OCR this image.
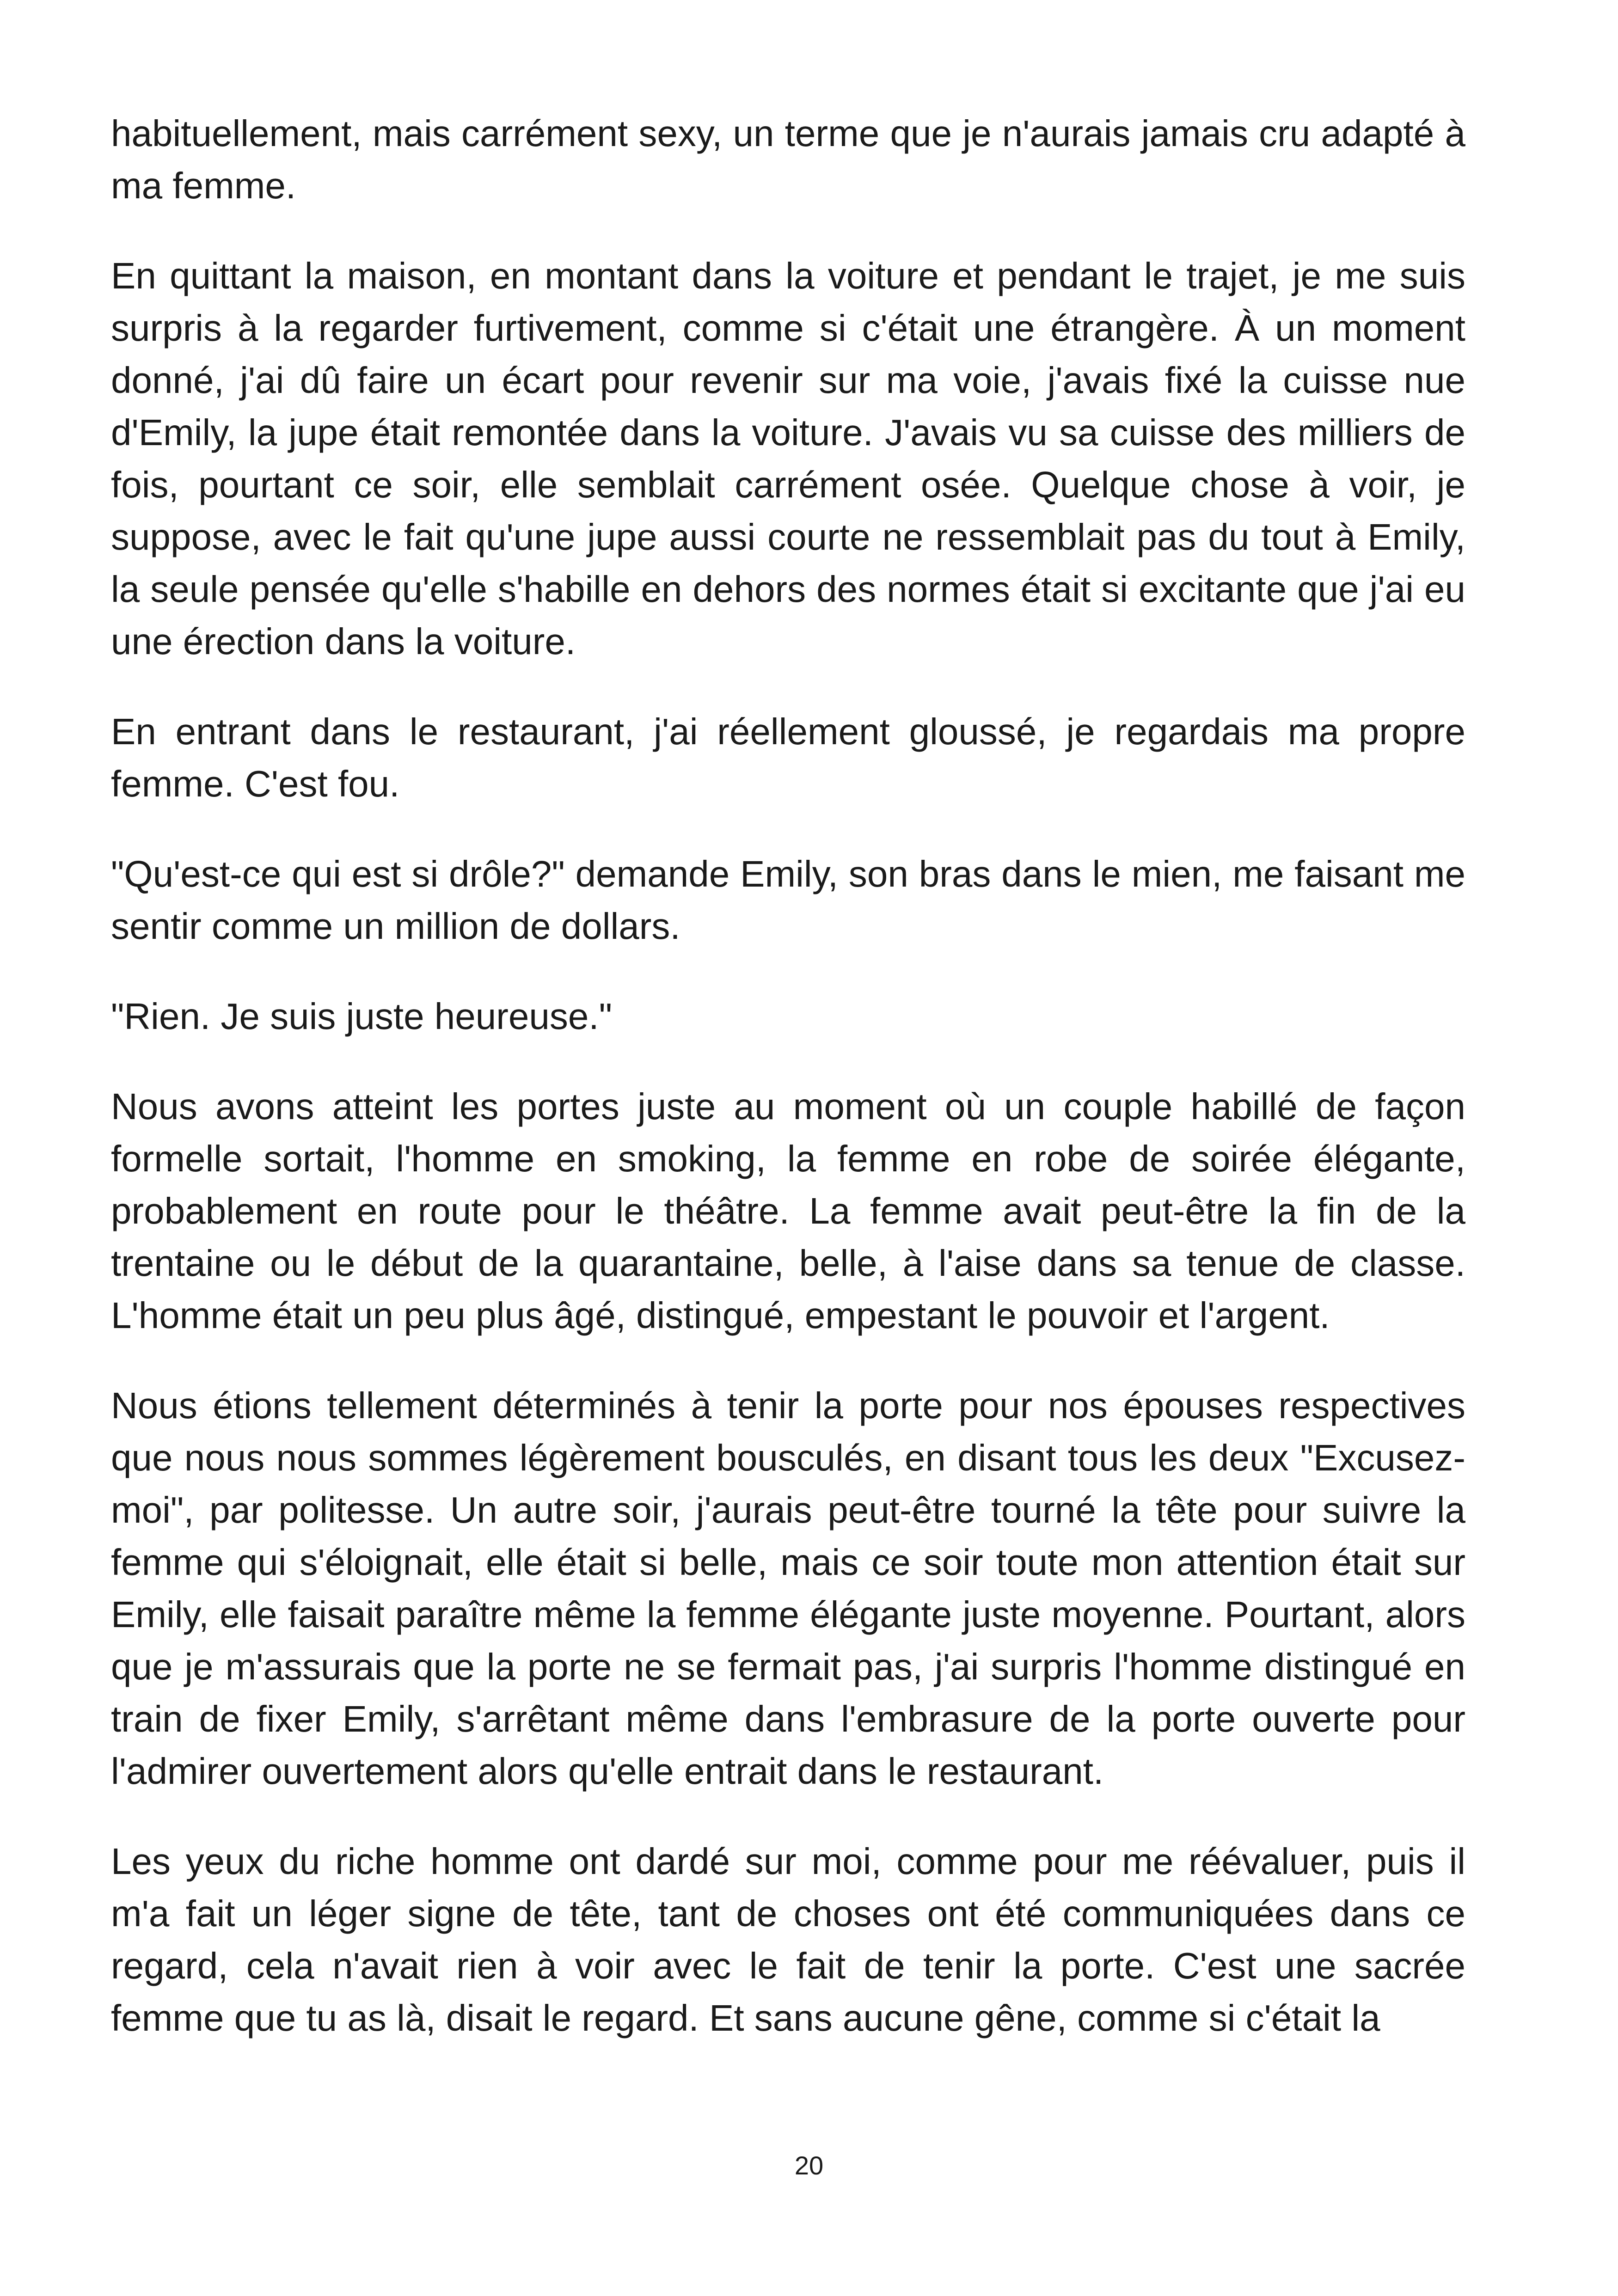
habituellement, mais carrément sexy, un terme que je n'aurais jamais cru adapté à ma femme.

En quittant la maison, en montant dans la voiture et pendant le trajet, je me suis surpris à la regarder furtivement, comme si c'était une étrangère. À un moment donné, j'ai dû faire un écart pour revenir sur ma voie, j'avais fixé la cuisse nue d'Emily, la jupe était remontée dans la voiture. J'avais vu sa cuisse des milliers de fois, pourtant ce soir, elle semblait carrément osée. Quelque chose à voir, je suppose, avec le fait qu'une jupe aussi courte ne ressemblait pas du tout à Emily, la seule pensée qu'elle s'habille en dehors des normes était si excitante que j'ai eu une érection dans la voiture.

En entrant dans le restaurant, j'ai réellement gloussé, je regardais ma propre femme. C'est fou.

"Qu'est-ce qui est si drôle?" demande Emily, son bras dans le mien, me faisant me sentir comme un million de dollars.

"Rien. Je suis juste heureuse."

Nous avons atteint les portes juste au moment où un couple habillé de façon formelle sortait, l'homme en smoking, la femme en robe de soirée élégante, probablement en route pour le théâtre. La femme avait peut-être la fin de la trentaine ou le début de la quarantaine, belle, à l'aise dans sa tenue de classe. L'homme était un peu plus âgé, distingué, empestant le pouvoir et l'argent.

Nous étions tellement déterminés à tenir la porte pour nos épouses respectives que nous nous sommes légèrement bousculés, en disant tous les deux "Excusez-moi", par politesse. Un autre soir, j'aurais peut-être tourné la tête pour suivre la femme qui s'éloignait, elle était si belle, mais ce soir toute mon attention était sur Emily, elle faisait paraître même la femme élégante juste moyenne. Pourtant, alors que je m'assurais que la porte ne se fermait pas, j'ai surpris l'homme distingué en train de fixer Emily, s'arrêtant même dans l'embrasure de la porte ouverte pour l'admirer ouvertement alors qu'elle entrait dans le restaurant.

Les yeux du riche homme ont dardé sur moi, comme pour me réévaluer, puis il m'a fait un léger signe de tête, tant de choses ont été communiquées dans ce regard, cela n'avait rien à voir avec le fait de tenir la porte. C'est une sacrée femme que tu as là, disait le regard. Et sans aucune gêne, comme si c'était la

20
